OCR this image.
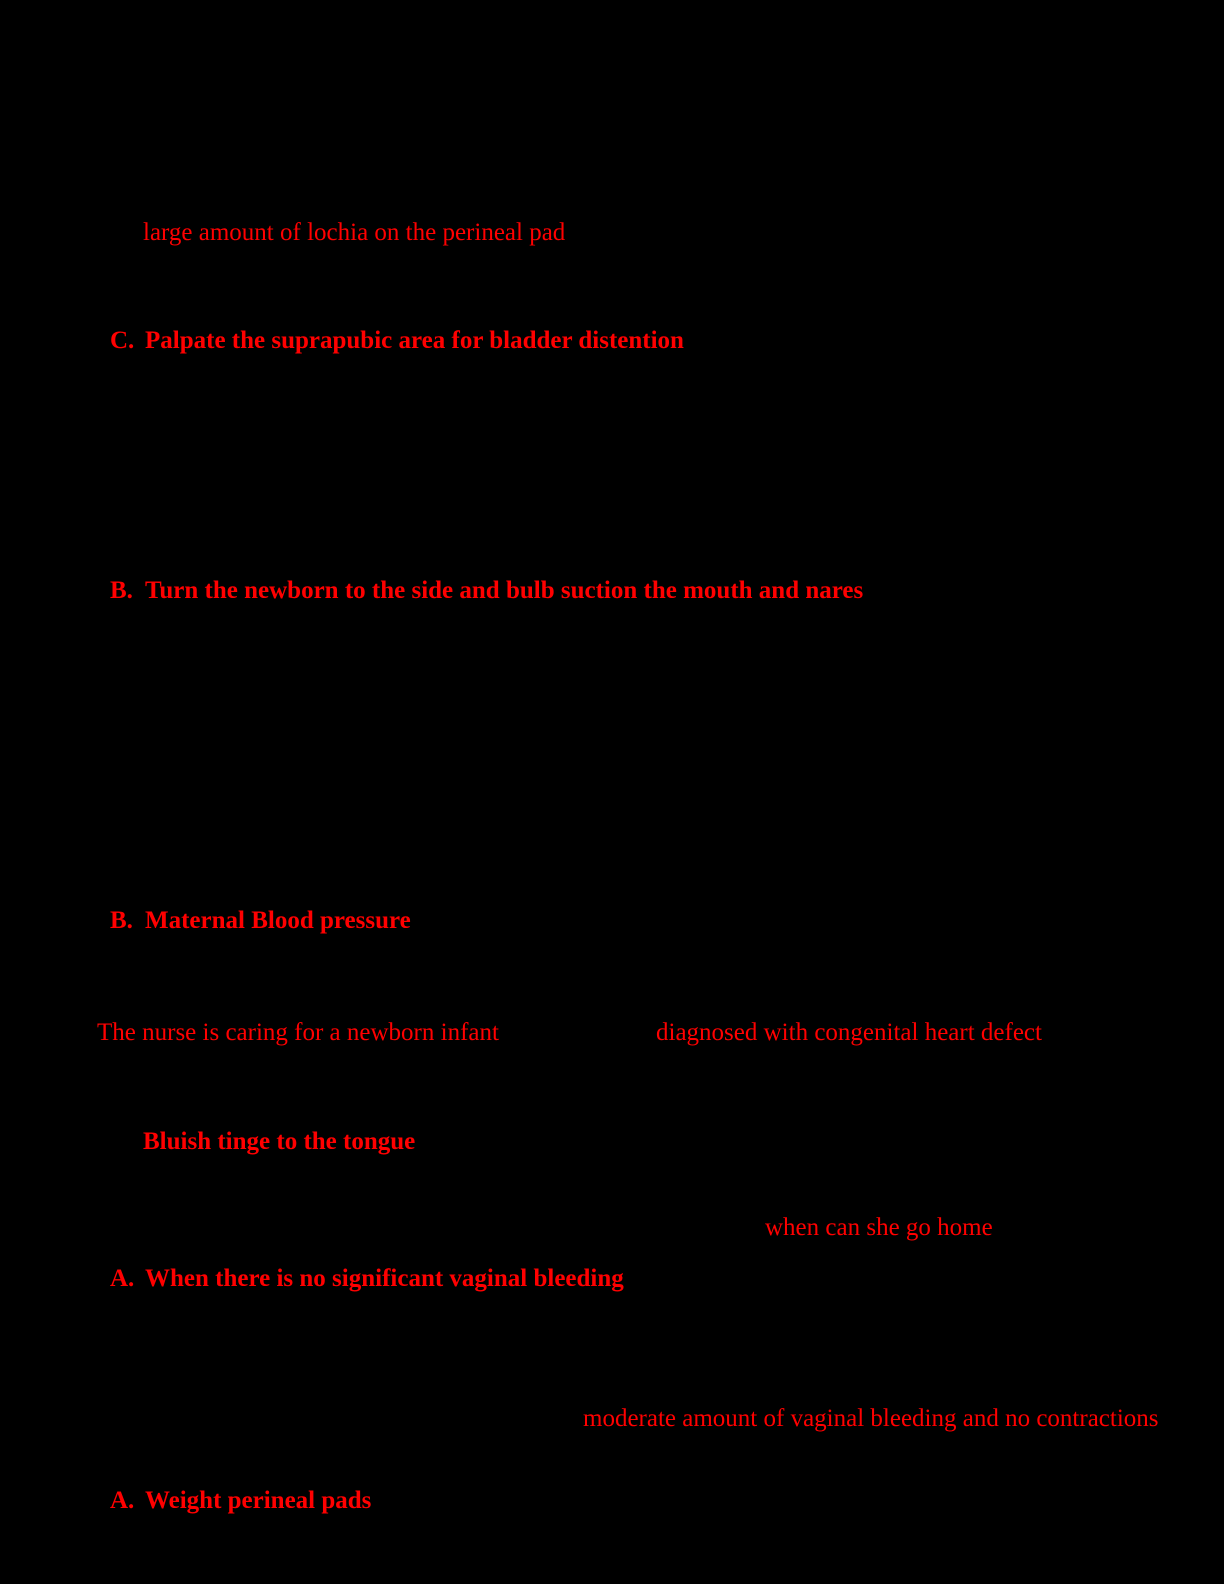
large amount of lochia on the perineal pad
C. Palpate the suprapubic area for bladder distention
B. Turn the newborn to the side and bulb suction the mouth and nares
B. Maternal Blood pressure
The nurse is caring for a newborn infant	diagnosed with congenital heart defect
Bluish tinge to the tongue
when can she go home
A. When there is no significant vaginal bleeding
moderate amount of vaginal bleeding and no contractions
A. Weight perineal pads
